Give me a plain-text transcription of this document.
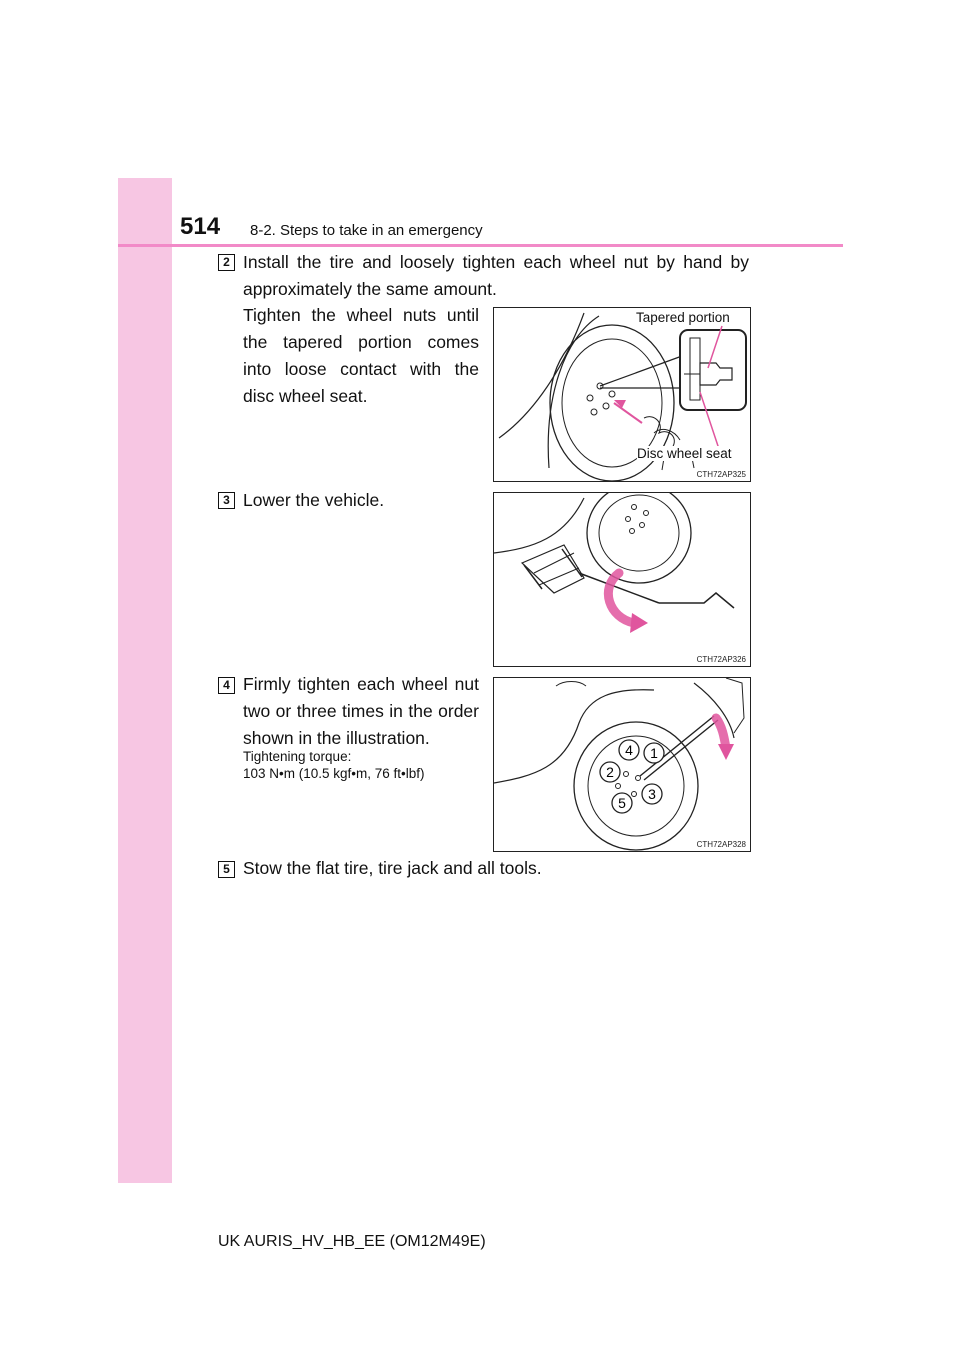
514 8-2. Steps to take in an emergency
2 Install the tire and loosely tighten each wheel nut by hand by approximately the same amount.
Tighten the wheel nuts until the tapered portion comes into loose contact with the disc wheel seat.
Tapered portion
Disc wheel seat
CTH72AP325
3 Lower the vehicle.
CTH72AP326
4 Firmly tighten each wheel nut two or three times in the order shown in the illustration.
Tightening torque:
103 N•m (10.5 kgf•m, 76 ft•lbf)
1
2
3
4
5
CTH72AP328
5 Stow the flat tire, tire jack and all tools.
UK AURIS_HV_HB_EE (OM12M49E)
